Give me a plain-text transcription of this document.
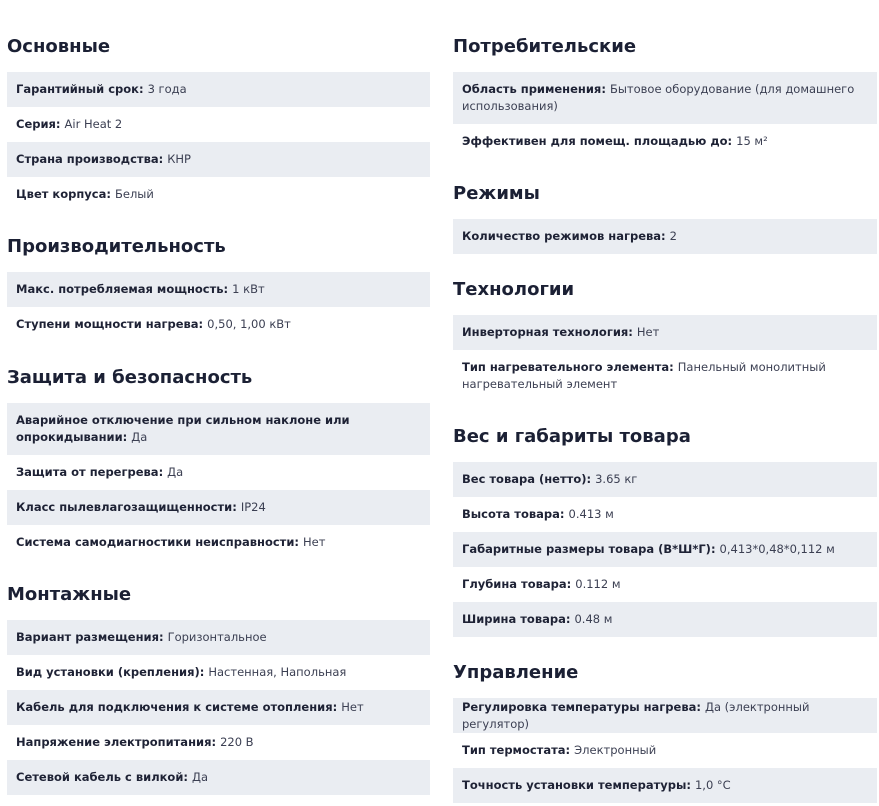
Основные
Гарантийный срок: 3 года
Серия: Air Heat 2
Страна производства: КНР
Цвет корпуса: Белый
Производительность
Макс. потребляемая мощность: 1 кВт
Ступени мощности нагрева: 0,50, 1,00 кВт
Защита и безопасность
Аварийное отключение при сильном наклоне или опрокидывании: Да
Защита от перегрева: Да
Класс пылевлагозащищенности: IP24
Система самодиагностики неисправности: Нет
Монтажные
Вариант размещения: Горизонтальное
Вид установки (крепления): Настенная, Напольная
Кабель для подключения к системе отопления: Нет
Напряжение электропитания: 220 В
Сетевой кабель с вилкой: Да
Потребительские
Область применения: Бытовое оборудование (для домашнего использования)
Эффективен для помещ. площадью до: 15 м²
Режимы
Количество режимов нагрева: 2
Технологии
Инверторная технология: Нет
Тип нагревательного элемента: Панельный монолитный нагревательный элемент
Вес и габариты товара
Вес товара (нетто): 3.65 кг
Высота товара: 0.413 м
Габаритные размеры товара (В*Ш*Г): 0,413*0,48*0,112 м
Глубина товара: 0.112 м
Ширина товара: 0.48 м
Управление
Регулировка температуры нагрева: Да (электронный регулятор)
Тип термостата: Электронный
Точность установки температуры: 1,0 °С
